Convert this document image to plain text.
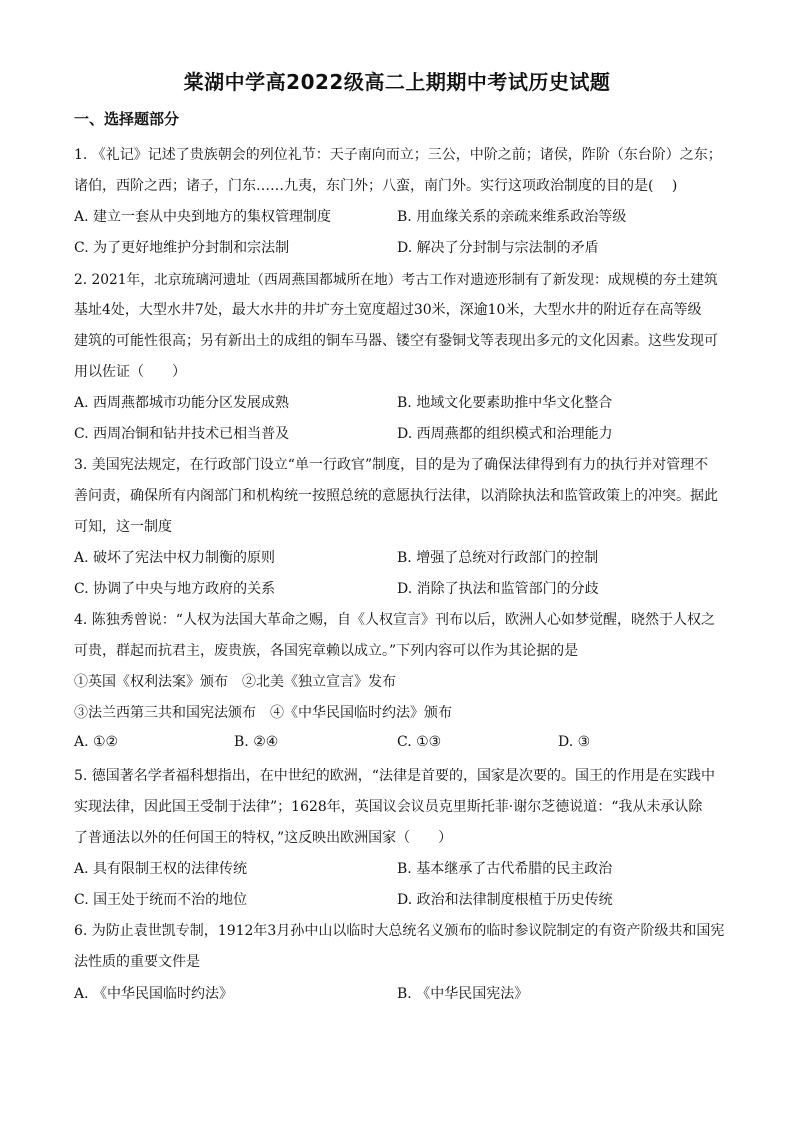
棠湖中学高2022级高二上期期中考试历史试题
一、选择题部分
1. 《礼记》记述了贵族朝会的列位礼节：天子南向而立；三公，中阶之前；诸侯，阼阶（东台阶）之东；
诸伯，西阶之西；诸子，门东……九夷，东门外；八蛮，南门外。实行这项政治制度的目的是(　 )
A. 建立一套从中央到地方的集权管理制度	B. 用血缘关系的亲疏来维系政治等级
C. 为了更好地维护分封制和宗法制	D. 解决了分封制与宗法制的矛盾
2. 2021年，北京琉璃河遗址（西周燕国都城所在地）考古工作对遗迹形制有了新发现：成规模的夯土建筑
基址4处，大型水井7处，最大水井的井圹夯土宽度超过30米，深逾10米，大型水井的附近存在高等级
建筑的可能性很高；另有新出土的成组的铜车马器、镂空有銎铜戈等表现出多元的文化因素。这些发现可
用以佐证（　　）
A. 西周燕都城市功能分区发展成熟	B. 地域文化要素助推中华文化整合
C. 西周冶铜和钻井技术已相当普及	D. 西周燕都的组织模式和治理能力
3. 美国宪法规定，在行政部门设立“单一行政官”制度，目的是为了确保法律得到有力的执行并对管理不
善问责，确保所有内阁部门和机构统一按照总统的意愿执行法律，以消除执法和监管政策上的冲突。据此
可知，这一制度
A. 破坏了宪法中权力制衡的原则	B. 增强了总统对行政部门的控制
C. 协调了中央与地方政府的关系	D. 消除了执法和监管部门的分歧
4. 陈独秀曾说：“人权为法国大革命之赐，自《人权宣言》刊布以后，欧洲人心如梦觉醒，晓然于人权之
可贵，群起而抗君主，废贵族，各国宪章赖以成立。”下列内容可以作为其论据的是
①英国《权利法案》颁布　②北美《独立宣言》发布
③法兰西第三共和国宪法颁布　④《中华民国临时约法》颁布
A. ①②	B. ②④	C. ①③	D. ③
5. 德国著名学者福科想指出，在中世纪的欧洲，“法律是首要的，国家是次要的。国王的作用是在实践中
实现法律，因此国王受制于法律”；1628年，英国议会议员克里斯托菲·谢尔芝德说道：“我从未承认除
了普通法以外的任何国王的特权，”这反映出欧洲国家（　　）
A. 具有限制王权的法律传统	B. 基本继承了古代希腊的民主政治
C. 国王处于统而不治的地位	D. 政治和法律制度根植于历史传统
6. 为防止袁世凯专制，1912年3月孙中山以临时大总统名义颁布的临时参议院制定的有资产阶级共和国宪
法性质的重要文件是
A. 《中华民国临时约法》	B. 《中华民国宪法》
